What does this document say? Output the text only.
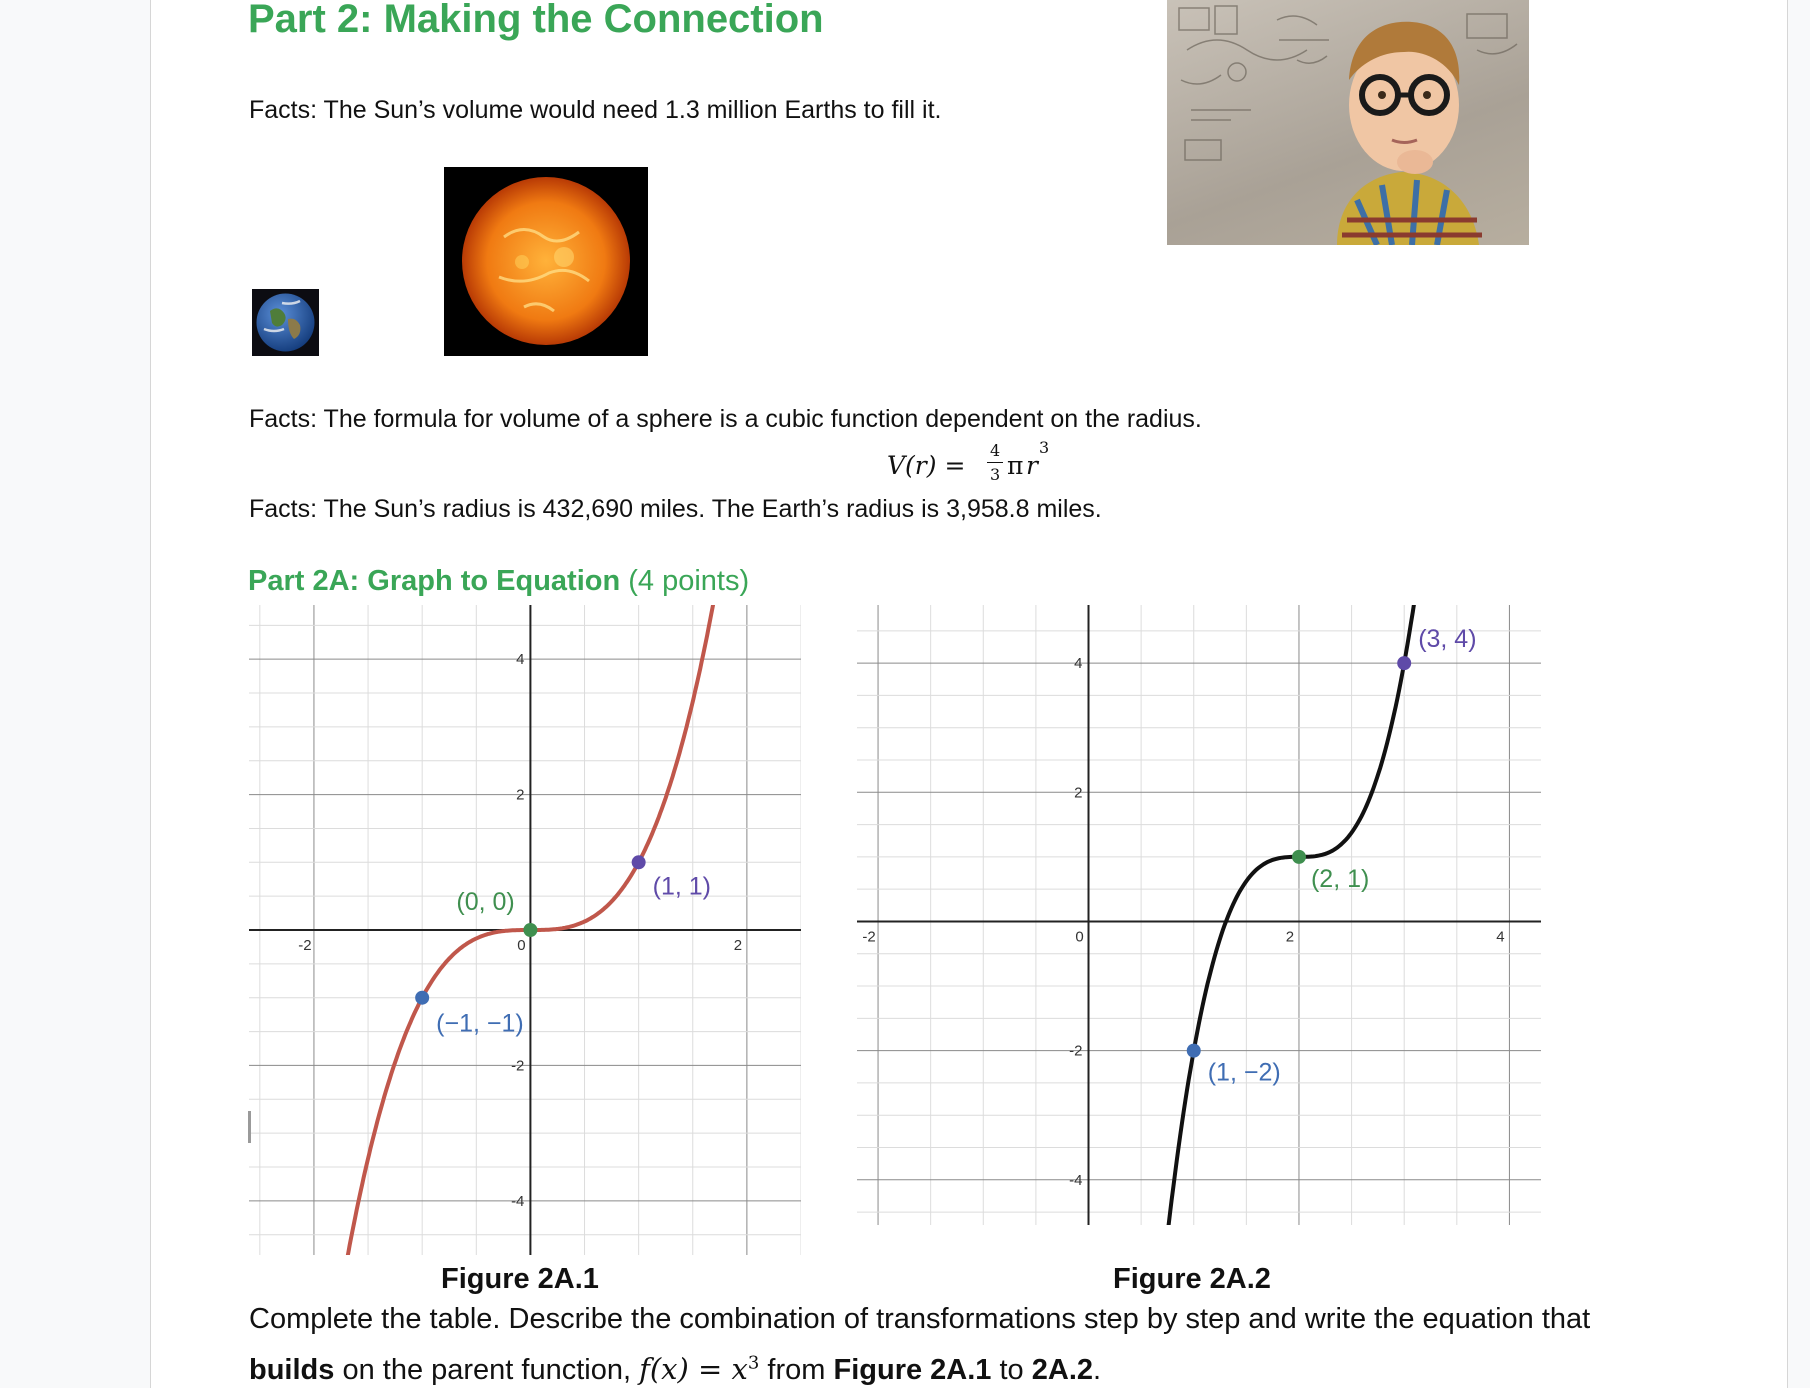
Part 2: Making the Connection
Facts: The Sun’s volume would need 1.3 million Earths to fill it.
Facts: The formula for volume of a sphere is a cubic function dependent on the radius.
V(r) =
4
3 π r
3
Facts: The Sun’s radius is 432,690 miles. The Earth’s radius is 3,958.8 miles.
Part 2A: Graph to Equation (4 points)
-2	0	2
4
2
-2
-4
(−1, −1)
(0, 0)
(1, 1)
-2	0	2	4
4
2
-2
-4
(1, −2)
(2, 1)
(3, 4)
Figure 2A.1	Figure 2A.2
Complete the table. Describe the combination of transformations step by step and write the equation that
builds on the parent function, $f(x) = x^3$ from Figure 2A.1 to 2A.2.
